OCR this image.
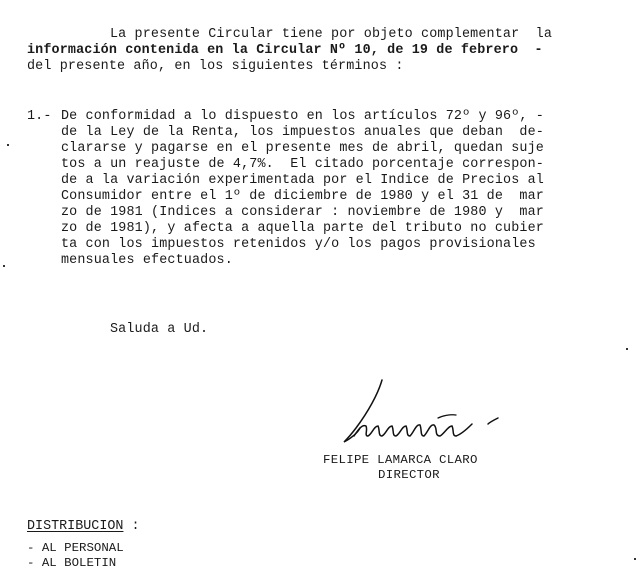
La presente Circular tiene por objeto complementar  la
información contenida en la Circular Nº 10, de 19 de febrero  -
del presente año, en los siguientes términos :
1.- De conformidad a lo dispuesto en los artículos 72º y 96º, -
de la Ley de la Renta, los impuestos anuales que deban  de-
clararse y pagarse en el presente mes de abril, quedan suje
tos a un reajuste de 4,7%.  El citado porcentaje correspon-
de a la variación experimentada por el Indice de Precios al
Consumidor entre el 1º de diciembre de 1980 y el 31 de  mar
zo de 1981 (Indices a considerar : noviembre de 1980 y  mar
zo de 1981), y afecta a aquella parte del tributo no cubier
ta con los impuestos retenidos y/o los pagos provisionales
mensuales efectuados.
Saluda a Ud.
FELIPE LAMARCA CLARO
DIRECTOR
DISTRIBUCION :
- AL PERSONAL
- AL BOLETIN
